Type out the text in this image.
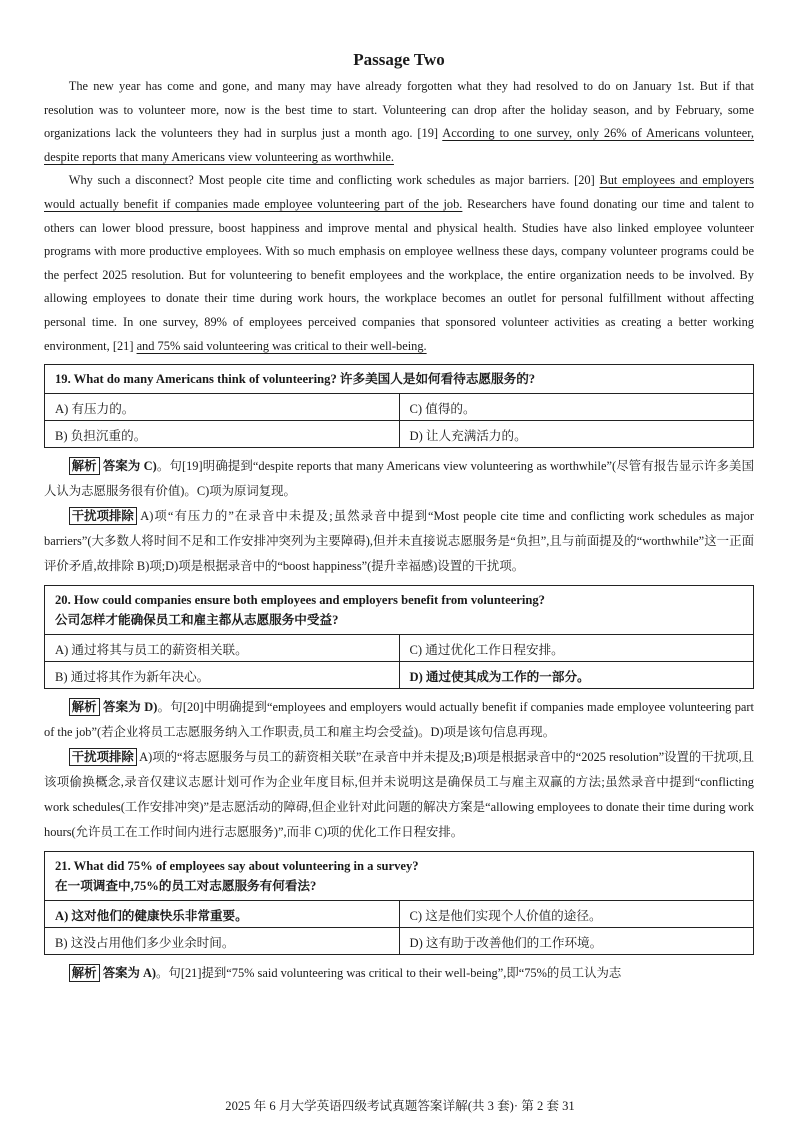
Passage Two

The new year has come and gone, and many may have already forgotten what they had resolved to do on January 1st. But if that resolution was to volunteer more, now is the best time to start. Volunteering can drop after the holiday season, and by February, some organizations lack the volunteers they had in surplus just a month ago. [19] According to one survey, only 26% of Americans volunteer, despite reports that many Americans view volunteering as worthwhile.

Why such a disconnect? Most people cite time and conflicting work schedules as major barriers. [20] But employees and employers would actually benefit if companies made employee volunteering part of the job. Researchers have found donating our time and talent to others can lower blood pressure, boost happiness and improve mental and physical health. Studies have also linked employee volunteer programs with more productive employees. With so much emphasis on employee wellness these days, company volunteer programs could be the perfect 2025 resolution. But for volunteering to benefit employees and the workplace, the entire organization needs to be involved. By allowing employees to donate their time during work hours, the workplace becomes an outlet for personal fulfillment without affecting personal time. In one survey, 89% of employees perceived companies that sponsored volunteer activities as creating a better working environment, [21] and 75% said volunteering was critical to their well-being.

19. What do many Americans think of volunteering? 许多美国人是如何看待志愿服务的?	
A) 有压力的。	C) 值得的。
B) 负担沉重的。	D) 让人充满活力的。

解析 答案为 C)。句[19]明确提到“despite reports that many Americans view volunteering as worthwhile”(尽管有报告显示许多美国人认为志愿服务很有价值)。C)项为原词复现。

干扰项排除 A)项“有压力的”在录音中未提及;虽然录音中提到“Most people cite time and conflicting work schedules as major barriers”(大多数人将时间不足和工作安排冲突列为主要障碍),但并未直接说志愿服务是“负担”,且与前面提及的“worthwhile”这一正面评价矛盾,故排除 B)项;D)项是根据录音中的“boost happiness”(提升幸福感)设置的干扰项。

20. How could companies ensure both employees and employers benefit from volunteering?
公司怎样才能确保员工和雇主都从志愿服务中受益?	

A) 通过将其与员工的薪资相关联。	C) 通过优化工作日程安排。
B) 通过将其作为新年决心。	D) 通过使其成为工作的一部分。

解析 答案为 D)。句[20]中明确提到“employees and employers would actually benefit if companies made employee volunteering part of the job”(若企业将员工志愿服务纳入工作职责,员工和雇主均会受益)。D)项是该句信息再现。

干扰项排除 A)项的“将志愿服务与员工的薪资相关联”在录音中并未提及;B)项是根据录音中的“2025 resolution”设置的干扰项,且该项偷换概念,录音仅建议志愿计划可作为企业年度目标,但并未说明这是确保员工与雇主双赢的方法;虽然录音中提到“conflicting work schedules(工作安排冲突)”是志愿活动的障碍,但企业针对此问题的解决方案是“allowing employees to donate their time during work hours(允许员工在工作时间内进行志愿服务)”,而非 C)项的优化工作日程安排。

21. What did 75% of employees say about volunteering in a survey?
在一项调查中,75%的员工对志愿服务有何看法?	

A) 这对他们的健康快乐非常重要。	C) 这是他们实现个人价值的途径。
B) 这没占用他们多少业余时间。	D) 这有助于改善他们的工作环境。

解析 答案为 A)。句[21]提到“75% said volunteering was critical to their well-being”,即“75%的员工认为志

2025 年 6 月大学英语四级考试真题答案详解(共 3 套)· 第 2 套 31
